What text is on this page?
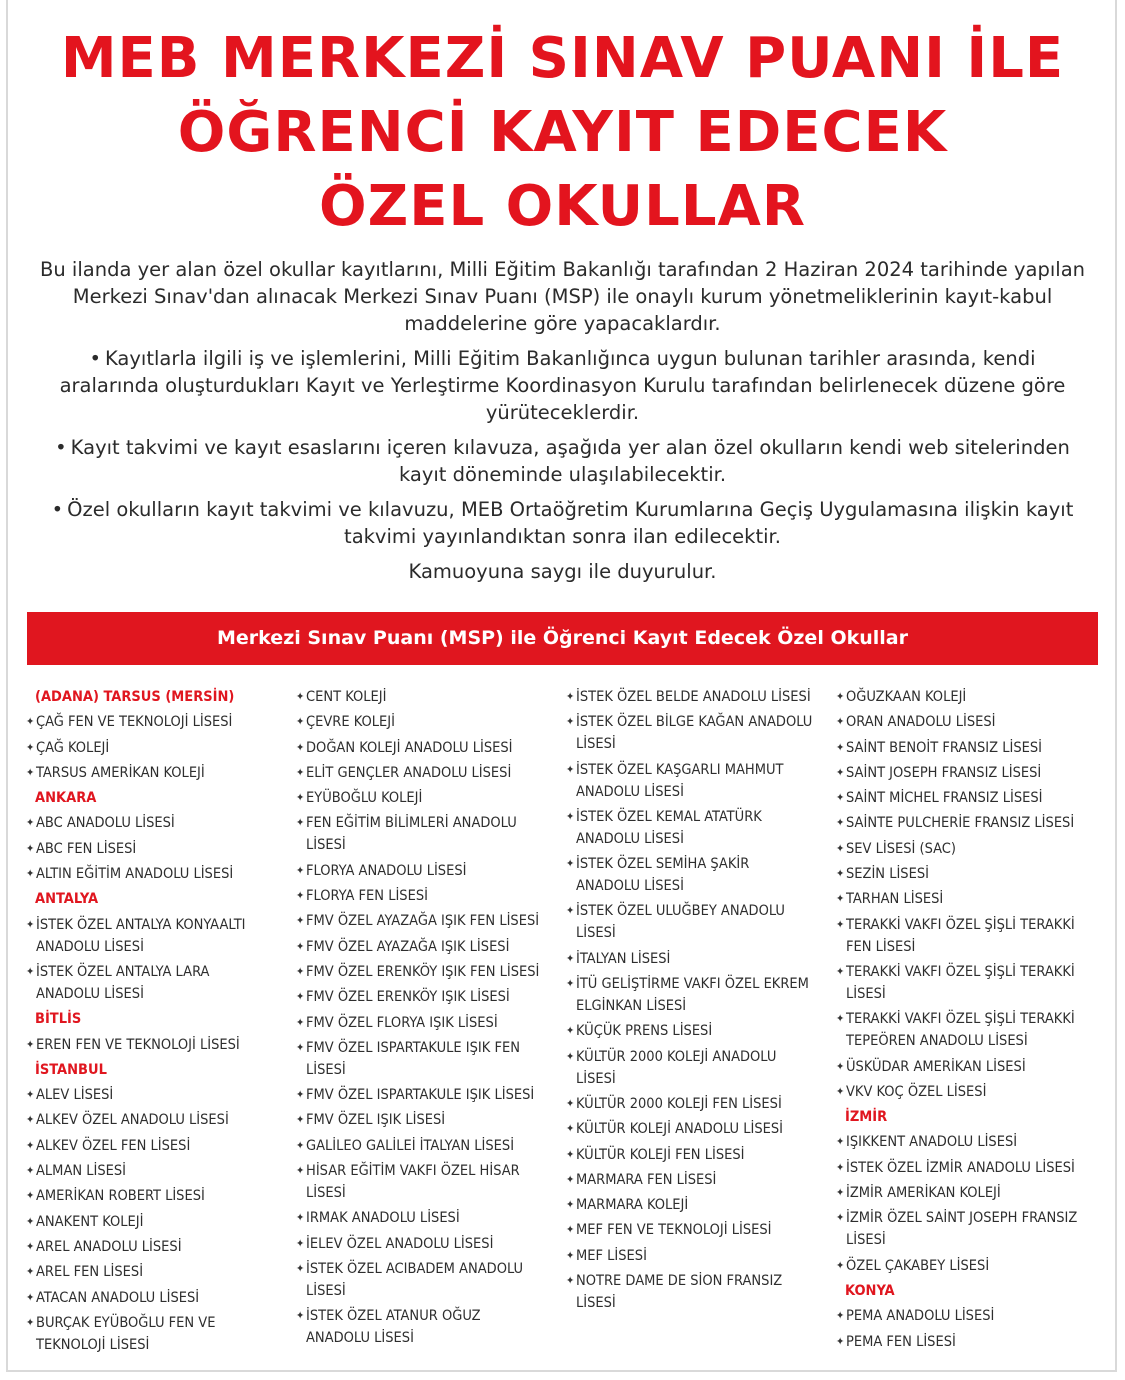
MEB MERKEZİ SINAV PUANI İLE
ÖĞRENCİ KAYIT EDECEK
ÖZEL OKULLAR

Bu ilanda yer alan özel okullar kayıtlarını, Milli Eğitim Bakanlığı tarafından 2 Haziran 2024 tarihinde yapılan Merkezi Sınav'dan alınacak Merkezi Sınav Puanı (MSP) ile onaylı kurum yönetmeliklerinin kayıt-kabul maddelerine göre yapacaklardır.

• Kayıtlarla ilgili iş ve işlemlerini, Milli Eğitim Bakanlığınca uygun bulunan tarihler arasında, kendi aralarında oluşturdukları Kayıt ve Yerleştirme Koordinasyon Kurulu tarafından belirlenecek düzene göre yürüteceklerdir.

• Kayıt takvimi ve kayıt esaslarını içeren kılavuza, aşağıda yer alan özel okulların kendi web sitelerinden kayıt döneminde ulaşılabilecektir.

• Özel okulların kayıt takvimi ve kılavuzu, MEB Ortaöğretim Kurumlarına Geçiş Uygulamasına ilişkin kayıt takvimi yayınlandıktan sonra ilan edilecektir.

Kamuoyuna saygı ile duyurulur.

Merkezi Sınav Puanı (MSP) ile Öğrenci Kayıt Edecek Özel Okullar
(ADANA) TARSUS (MERSİN)
✦ ÇAĞ FEN VE TEKNOLOJİ LİSESİ
✦ ÇAĞ KOLEJİ
✦ TARSUS AMERİKAN KOLEJİ
ANKARA
✦ ABC ANADOLU LİSESİ
✦ ABC FEN LİSESİ
✦ ALTIN EĞİTİM ANADOLU LİSESİ
ANTALYA
✦ İSTEK ÖZEL ANTALYA KONYAALTI
ANADOLU LİSESİ
✦ İSTEK ÖZEL ANTALYA LARA
ANADOLU LİSESİ
BİTLİS
✦ EREN FEN VE TEKNOLOJİ LİSESİ
İSTANBUL
✦ ALEV LİSESİ
✦ ALKEV ÖZEL ANADOLU LİSESİ
✦ ALKEV ÖZEL FEN LİSESİ
✦ ALMAN LİSESİ
✦ AMERİKAN ROBERT LİSESİ
✦ ANAKENT KOLEJİ
✦ AREL ANADOLU LİSESİ
✦ AREL FEN LİSESİ
✦ ATACAN ANADOLU LİSESİ
✦ BURÇAK EYÜBOĞLU FEN VE
TEKNOLOJİ LİSESİ
✦ CENT KOLEJİ
✦ ÇEVRE KOLEJİ
✦ DOĞAN KOLEJİ ANADOLU LİSESİ
✦ ELİT GENÇLER ANADOLU LİSESİ
✦ EYÜBOĞLU KOLEJİ
✦ FEN EĞİTİM BİLİMLERİ ANADOLU
LİSESİ
✦ FLORYA ANADOLU LİSESİ
✦ FLORYA FEN LİSESİ
✦ FMV ÖZEL AYAZAĞA IŞIK FEN LİSESİ
✦ FMV ÖZEL AYAZAĞA IŞIK LİSESİ
✦ FMV ÖZEL ERENKÖY IŞIK FEN LİSESİ
✦ FMV ÖZEL ERENKÖY IŞIK LİSESİ
✦ FMV ÖZEL FLORYA IŞIK LİSESİ
✦ FMV ÖZEL ISPARTAKULE IŞIK FEN
LİSESİ
✦ FMV ÖZEL ISPARTAKULE IŞIK LİSESİ
✦ FMV ÖZEL IŞIK LİSESİ
✦ GALİLEO GALİLEİ İTALYAN LİSESİ
✦ HİSAR EĞİTİM VAKFI ÖZEL HİSAR
LİSESİ
✦ IRMAK ANADOLU LİSESİ
✦ İELEV ÖZEL ANADOLU LİSESİ
✦ İSTEK ÖZEL ACIBADEM ANADOLU
LİSESİ
✦ İSTEK ÖZEL ATANUR OĞUZ
ANADOLU LİSESİ
✦ İSTEK ÖZEL BELDE ANADOLU LİSESİ
✦ İSTEK ÖZEL BİLGE KAĞAN ANADOLU
LİSESİ
✦ İSTEK ÖZEL KAŞGARLI MAHMUT
ANADOLU LİSESİ
✦ İSTEK ÖZEL KEMAL ATATÜRK
ANADOLU LİSESİ
✦ İSTEK ÖZEL SEMİHA ŞAKİR
ANADOLU LİSESİ
✦ İSTEK ÖZEL ULUĞBEY ANADOLU
LİSESİ
✦ İTALYAN LİSESİ
✦ İTÜ GELİŞTİRME VAKFI ÖZEL EKREM
ELGİNKAN LİSESİ
✦ KÜÇÜK PRENS LİSESİ
✦ KÜLTÜR 2000 KOLEJİ ANADOLU
LİSESİ
✦ KÜLTÜR 2000 KOLEJİ FEN LİSESİ
✦ KÜLTÜR KOLEJİ ANADOLU LİSESİ
✦ KÜLTÜR KOLEJİ FEN LİSESİ
✦ MARMARA FEN LİSESİ
✦ MARMARA KOLEJİ
✦ MEF FEN VE TEKNOLOJİ LİSESİ
✦ MEF LİSESİ
✦ NOTRE DAME DE SİON FRANSIZ
LİSESİ
✦ OĞUZKAAN KOLEJİ
✦ ORAN ANADOLU LİSESİ
✦ SAİNT BENOİT FRANSIZ LİSESİ
✦ SAİNT JOSEPH FRANSIZ LİSESİ
✦ SAİNT MİCHEL FRANSIZ LİSESİ
✦ SAİNTE PULCHERİE FRANSIZ LİSESİ
✦ SEV LİSESİ (SAC)
✦ SEZİN LİSESİ
✦ TARHAN LİSESİ
✦ TERAKKİ VAKFI ÖZEL ŞİŞLİ TERAKKİ
FEN LİSESİ
✦ TERAKKİ VAKFI ÖZEL ŞİŞLİ TERAKKİ
LİSESİ
✦ TERAKKİ VAKFI ÖZEL ŞİŞLİ TERAKKİ
TEPEÖREN ANADOLU LİSESİ
✦ ÜSKÜDAR AMERİKAN LİSESİ
✦ VKV KOÇ ÖZEL LİSESİ
İZMİR
✦ IŞIKKENT ANADOLU LİSESİ
✦ İSTEK ÖZEL İZMİR ANADOLU LİSESİ
✦ İZMİR AMERİKAN KOLEJİ
✦ İZMİR ÖZEL SAİNT JOSEPH FRANSIZ
LİSESİ
✦ ÖZEL ÇAKABEY LİSESİ
KONYA
✦ PEMA ANADOLU LİSESİ
✦ PEMA FEN LİSESİ
